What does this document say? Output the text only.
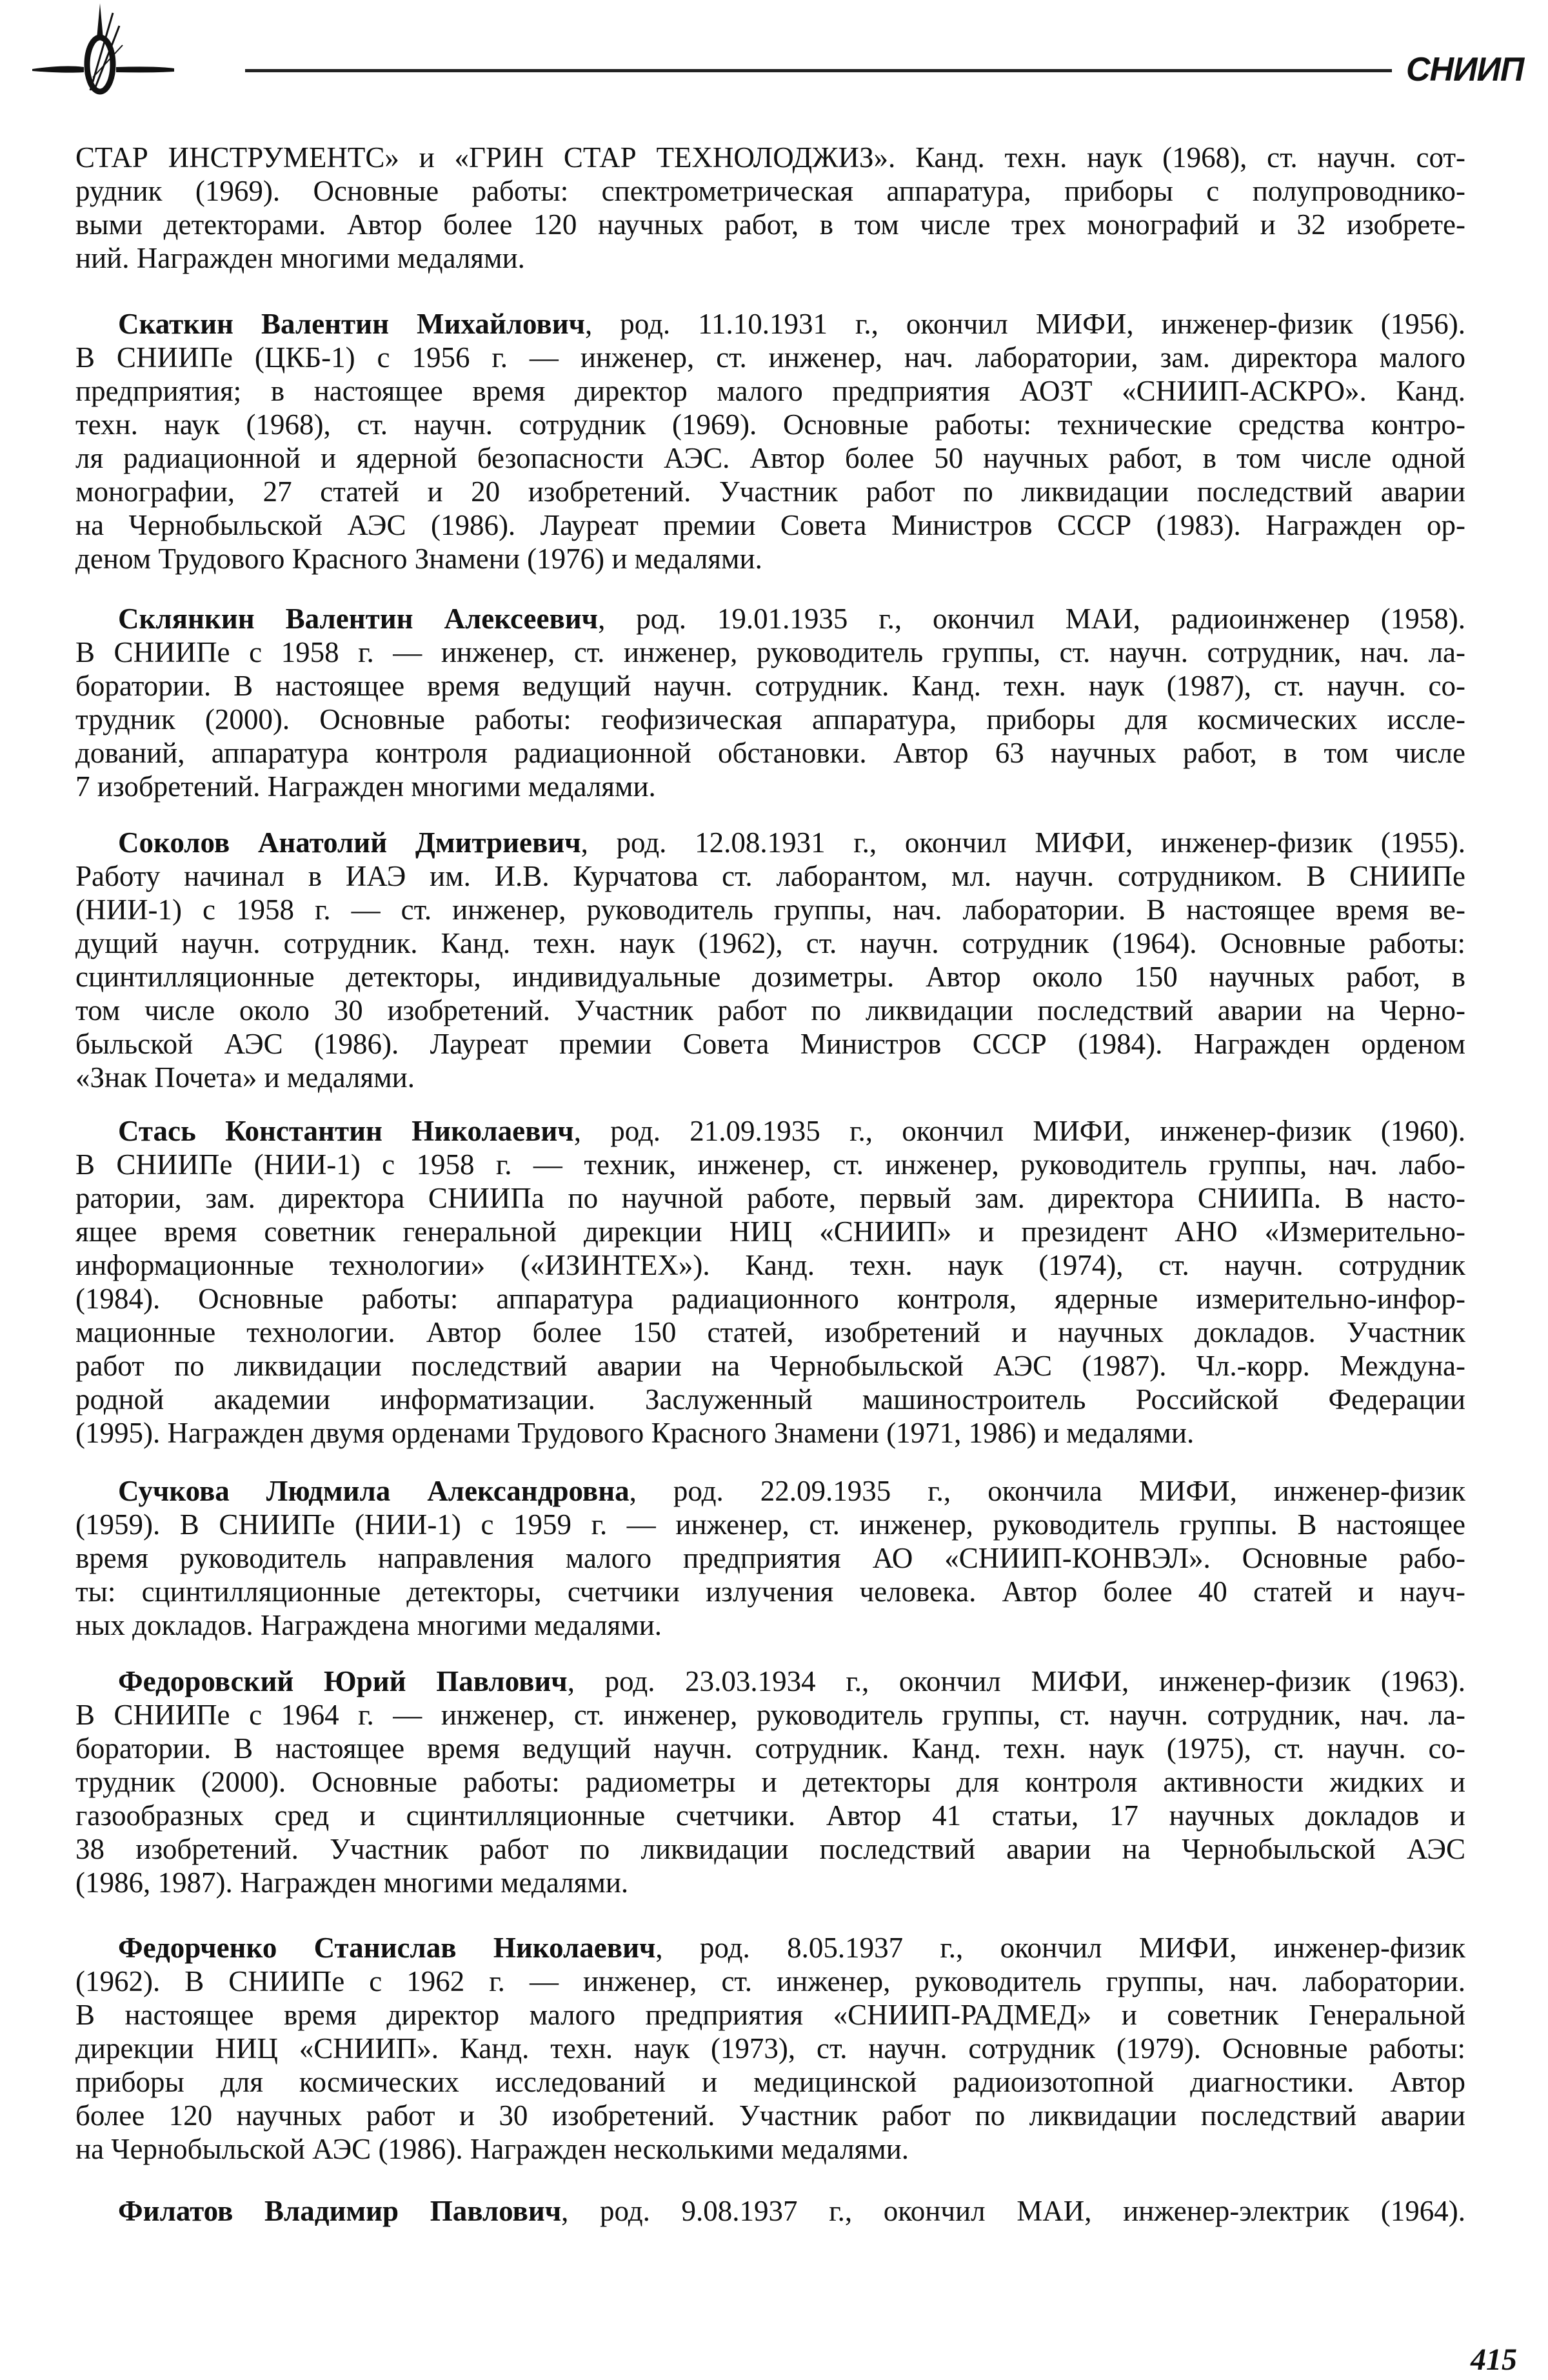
СНИИП
СТАР ИНСТРУМЕНТС» и «ГРИН СТАР ТЕХНОЛОДЖИЗ». Канд. техн. наук (1968), ст. научн. сот-
рудник (1969). Основные работы: спектрометрическая аппаратура, приборы с полупроводнико-
выми детекторами. Автор более 120 научных работ, в том числе трех монографий и 32 изобрете-
ний. Награжден многими медалями.
Скаткин Валентин Михайлович, род. 11.10.1931 г., окончил МИФИ, инженер-физик (1956).
В СНИИПе (ЦКБ-1) с 1956 г. — инженер, ст. инженер, нач. лаборатории, зам. директора малого
предприятия; в настоящее время директор малого предприятия АОЗТ «СНИИП-АСКРО». Канд.
техн. наук (1968), ст. научн. сотрудник (1969). Основные работы: технические средства контро-
ля радиационной и ядерной безопасности АЭС. Автор более 50 научных работ, в том числе одной
монографии, 27 статей и 20 изобретений. Участник работ по ликвидации последствий аварии
на Чернобыльской АЭС (1986). Лауреат премии Совета Министров СССР (1983). Награжден ор-
деном Трудового Красного Знамени (1976) и медалями.
Склянкин Валентин Алексеевич, род. 19.01.1935 г., окончил МАИ, радиоинженер (1958).
В СНИИПе с 1958 г. — инженер, ст. инженер, руководитель группы, ст. научн. сотрудник, нач. ла-
боратории. В настоящее время ведущий научн. сотрудник. Канд. техн. наук (1987), ст. научн. со-
трудник (2000). Основные работы: геофизическая аппаратура, приборы для космических иссле-
дований, аппаратура контроля радиационной обстановки. Автор 63 научных работ, в том числе
7 изобретений. Награжден многими медалями.
Соколов Анатолий Дмитриевич, род. 12.08.1931 г., окончил МИФИ, инженер-физик (1955).
Работу начинал в ИАЭ им. И.В. Курчатова ст. лаборантом, мл. научн. сотрудником. В СНИИПе
(НИИ-1) с 1958 г. — ст. инженер, руководитель группы, нач. лаборатории. В настоящее время ве-
дущий научн. сотрудник. Канд. техн. наук (1962), ст. научн. сотрудник (1964). Основные работы:
сцинтилляционные детекторы, индивидуальные дозиметры. Автор около 150 научных работ, в
том числе около 30 изобретений. Участник работ по ликвидации последствий аварии на Черно-
быльской АЭС (1986). Лауреат премии Совета Министров СССР (1984). Награжден орденом
«Знак Почета» и медалями.
Стась Константин Николаевич, род. 21.09.1935 г., окончил МИФИ, инженер-физик (1960).
В СНИИПе (НИИ-1) с 1958 г. — техник, инженер, ст. инженер, руководитель группы, нач. лабо-
ратории, зам. директора СНИИПа по научной работе, первый зам. директора СНИИПа. В насто-
ящее время советник генеральной дирекции НИЦ «СНИИП» и президент АНО «Измерительно-
информационные технологии» («ИЗИНТЕХ»). Канд. техн. наук (1974), ст. научн. сотрудник
(1984). Основные работы: аппаратура радиационного контроля, ядерные измерительно-инфор-
мационные технологии. Автор более 150 статей, изобретений и научных докладов. Участник
работ по ликвидации последствий аварии на Чернобыльской АЭС (1987). Чл.-корр. Междуна-
родной академии информатизации. Заслуженный машиностроитель Российской Федерации
(1995). Награжден двумя орденами Трудового Красного Знамени (1971, 1986) и медалями.
Сучкова Людмила Александровна, род. 22.09.1935 г., окончила МИФИ, инженер-физик
(1959). В СНИИПе (НИИ-1) с 1959 г. — инженер, ст. инженер, руководитель группы. В настоящее
время руководитель направления малого предприятия АО «СНИИП-КОНВЭЛ». Основные рабо-
ты: сцинтилляционные детекторы, счетчики излучения человека. Автор более 40 статей и науч-
ных докладов. Награждена многими медалями.
Федоровский Юрий Павлович, род. 23.03.1934 г., окончил МИФИ, инженер-физик (1963).
В СНИИПе с 1964 г. — инженер, ст. инженер, руководитель группы, ст. научн. сотрудник, нач. ла-
боратории. В настоящее время ведущий научн. сотрудник. Канд. техн. наук (1975), ст. научн. со-
трудник (2000). Основные работы: радиометры и детекторы для контроля активности жидких и
газообразных сред и сцинтилляционные счетчики. Автор 41 статьи, 17 научных докладов и
38 изобретений. Участник работ по ликвидации последствий аварии на Чернобыльской АЭС
(1986, 1987). Награжден многими медалями.
Федорченко Станислав Николаевич, род. 8.05.1937 г., окончил МИФИ, инженер-физик
(1962). В СНИИПе с 1962 г. — инженер, ст. инженер, руководитель группы, нач. лаборатории.
В настоящее время директор малого предприятия «СНИИП-РАДМЕД» и советник Генеральной
дирекции НИЦ «СНИИП». Канд. техн. наук (1973), ст. научн. сотрудник (1979). Основные работы:
приборы для космических исследований и медицинской радиоизотопной диагностики. Автор
более 120 научных работ и 30 изобретений. Участник работ по ликвидации последствий аварии
на Чернобыльской АЭС (1986). Награжден несколькими медалями.
Филатов Владимир Павлович, род. 9.08.1937 г., окончил МАИ, инженер-электрик (1964).
415
